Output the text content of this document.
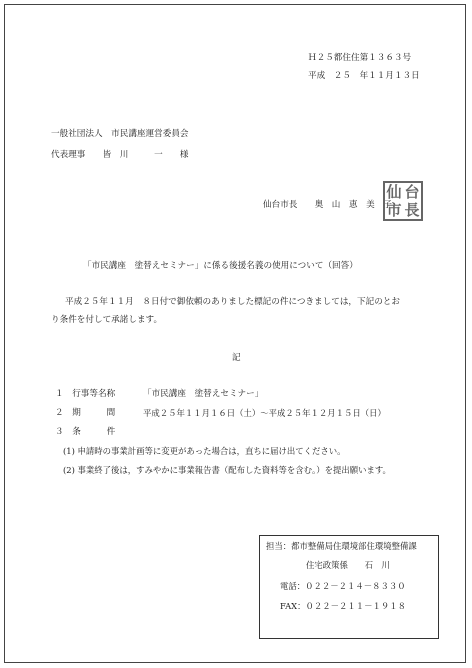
Ｈ２５都住住第１３６３号
平成　２５　年１１月１３日
一般社団法人　市民講座運営委員会
代表理事　　皆　川　　　一　　様
仙台市長　　奥　山　恵　美　子
仙 台
市 長
「市民講座　塗替えセミナー」に係る後援名義の使用について（回答）
平成２５年１１月　８日付で御依頼のありました標記の件につきましては，下記のとお
り条件を付して承諾します。
記
１　行事等名称	「市民講座　塗替えセミナー」
２　期　　　間	平成２５年１１月１６日（土）～平成２５年１２月１５日（日）
３　条　　　件
(1) 申請時の事業計画等に変更があった場合は，直ちに届け出てください。
(2) 事業終了後は，すみやかに事業報告書（配布した資料等を含む。）を提出願います。
担当：都市整備局住環境部住環境整備課
住宅政策係　　石　川
電話：０２２－２１４－８３３０
FAX：０２２－２１１－１９１８
